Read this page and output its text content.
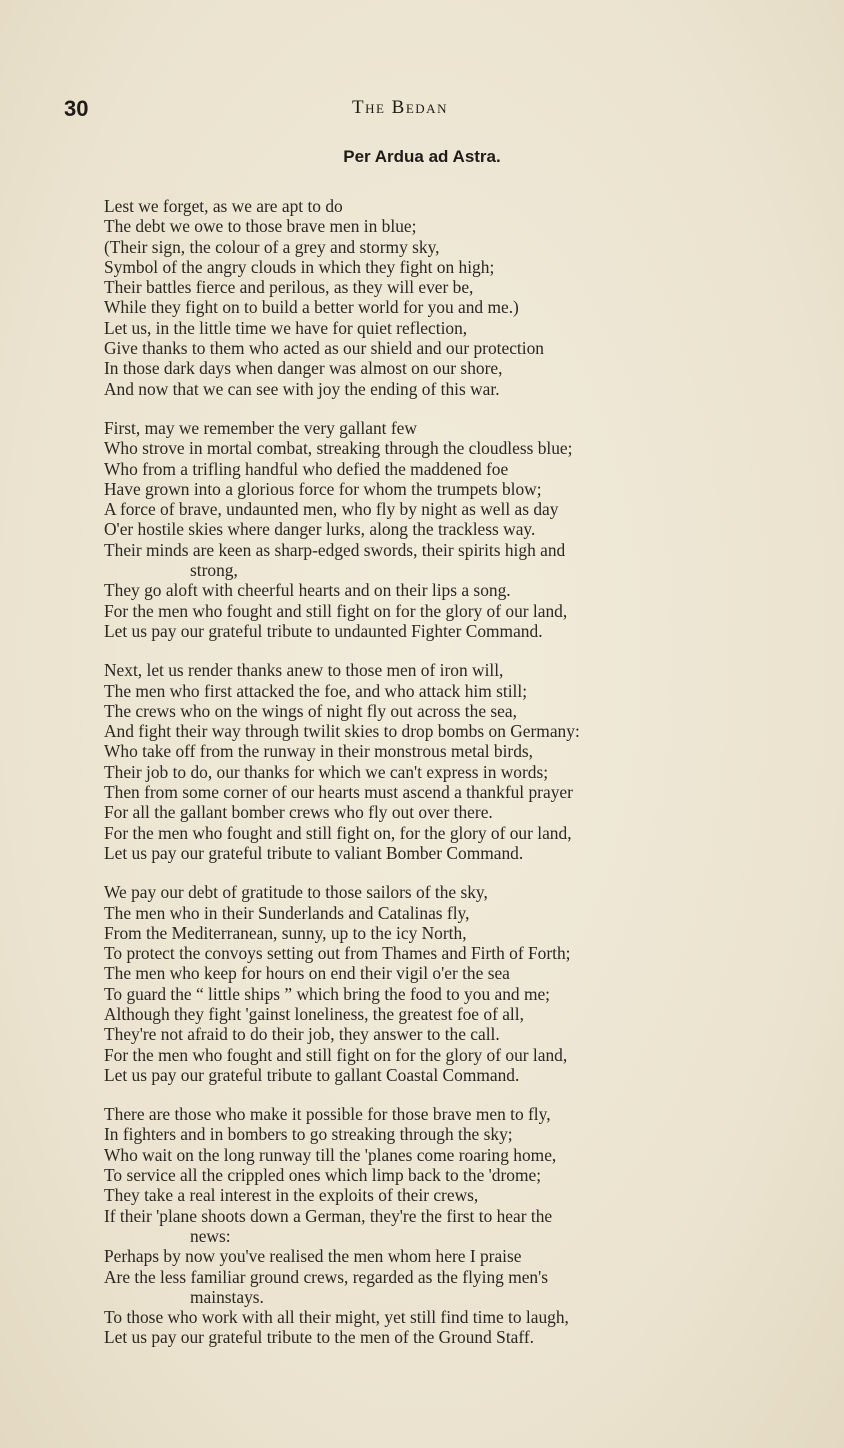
30	The Bedan
Per Ardua ad Astra.
Lest we forget, as we are apt to do
The debt we owe to those brave men in blue;
(Their sign, the colour of a grey and stormy sky,
Symbol of the angry clouds in which they fight on high;
Their battles fierce and perilous, as they will ever be,
While they fight on to build a better world for you and me.)
Let us, in the little time we have for quiet reflection,
Give thanks to them who acted as our shield and our protection
In those dark days when danger was almost on our shore,
And now that we can see with joy the ending of this war.
First, may we remember the very gallant few
Who strove in mortal combat, streaking through the cloudless blue;
Who from a trifling handful who defied the maddened foe
Have grown into a glorious force for whom the trumpets blow;
A force of brave, undaunted men, who fly by night as well as day
O'er hostile skies where danger lurks, along the trackless way.
Their minds are keen as sharp-edged swords, their spirits high and
strong,
They go aloft with cheerful hearts and on their lips a song.
For the men who fought and still fight on for the glory of our land,
Let us pay our grateful tribute to undaunted Fighter Command.
Next, let us render thanks anew to those men of iron will,
The men who first attacked the foe, and who attack him still;
The crews who on the wings of night fly out across the sea,
And fight their way through twilit skies to drop bombs on Germany:
Who take off from the runway in their monstrous metal birds,
Their job to do, our thanks for which we can't express in words;
Then from some corner of our hearts must ascend a thankful prayer
For all the gallant bomber crews who fly out over there.
For the men who fought and still fight on, for the glory of our land,
Let us pay our grateful tribute to valiant Bomber Command.
We pay our debt of gratitude to those sailors of the sky,
The men who in their Sunderlands and Catalinas fly,
From the Mediterranean, sunny, up to the icy North,
To protect the convoys setting out from Thames and Firth of Forth;
The men who keep for hours on end their vigil o'er the sea
To guard the “ little ships ” which bring the food to you and me;
Although they fight 'gainst loneliness, the greatest foe of all,
They're not afraid to do their job, they answer to the call.
For the men who fought and still fight on for the glory of our land,
Let us pay our grateful tribute to gallant Coastal Command.
There are those who make it possible for those brave men to fly,
In fighters and in bombers to go streaking through the sky;
Who wait on the long runway till the 'planes come roaring home,
To service all the crippled ones which limp back to the 'drome;
They take a real interest in the exploits of their crews,
If their 'plane shoots down a German, they're the first to hear the
news:
Perhaps by now you've realised the men whom here I praise
Are the less familiar ground crews, regarded as the flying men's
mainstays.
To those who work with all their might, yet still find time to laugh,
Let us pay our grateful tribute to the men of the Ground Staff.
